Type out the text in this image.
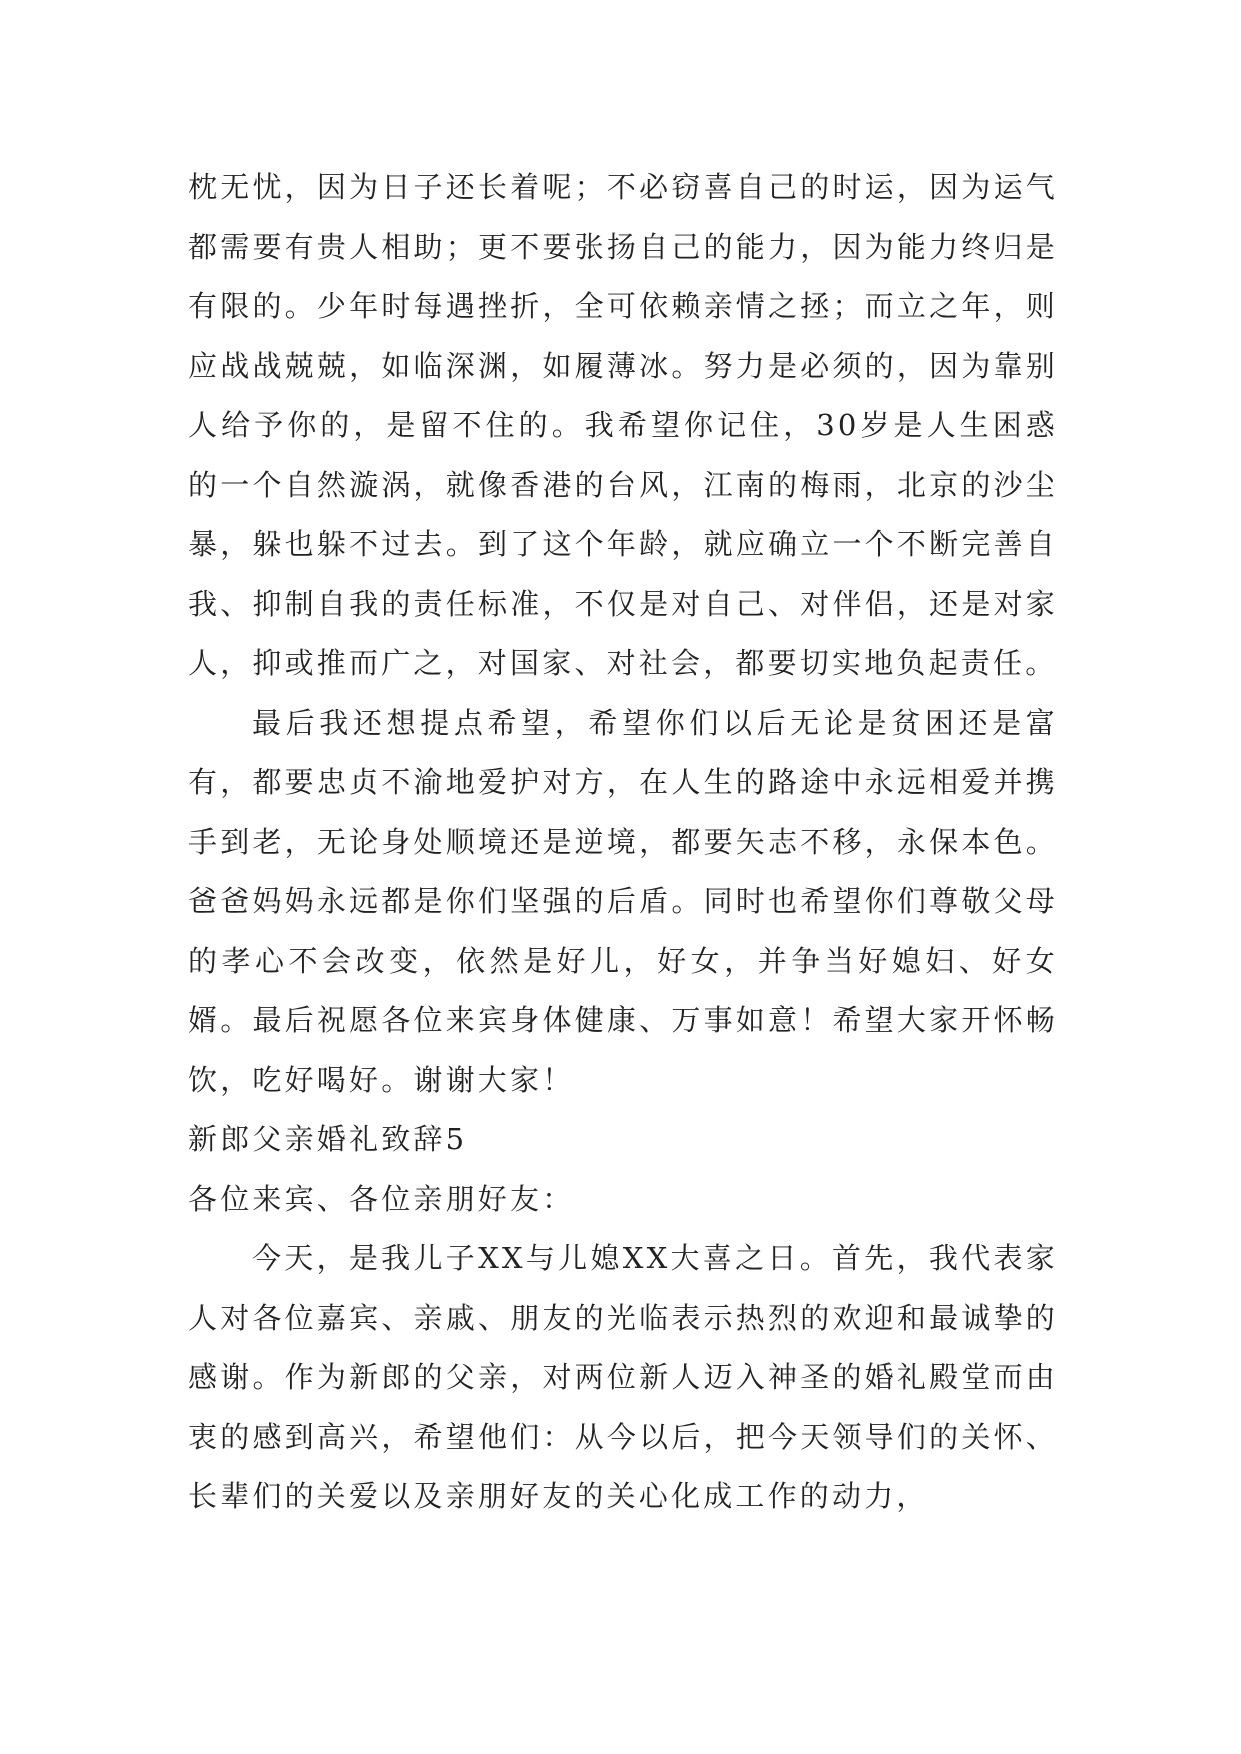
枕无忧，因为日子还长着呢；不必窃喜自己的时运，因为运气都需要有贵人相助；更不要张扬自己的能力，因为能力终归是有限的。少年时每遇挫折，全可依赖亲情之拯；而立之年，则应战战兢兢，如临深渊，如履薄冰。努力是必须的，因为靠别人给予你的，是留不住的。我希望你记住，30岁是人生困惑的一个自然漩涡，就像香港的台风，江南的梅雨，北京的沙尘暴，躲也躲不过去。到了这个年龄，就应确立一个不断完善自我、抑制自我的责任标准，不仅是对自己、对伴侣，还是对家人，抑或推而广之，对国家、对社会，都要切实地负起责任。

最后我还想提点希望，希望你们以后无论是贫困还是富有，都要忠贞不渝地爱护对方，在人生的路途中永远相爱并携手到老，无论身处顺境还是逆境，都要矢志不移，永保本色。爸爸妈妈永远都是你们坚强的后盾。同时也希望你们尊敬父母的孝心不会改变，依然是好儿，好女，并争当好媳妇、好女婿。最后祝愿各位来宾身体健康、万事如意！希望大家开怀畅饮，吃好喝好。谢谢大家！

新郎父亲婚礼致辞5

各位来宾、各位亲朋好友：

今天，是我儿子XX与儿媳XX大喜之日。首先，我代表家人对各位嘉宾、亲戚、朋友的光临表示热烈的欢迎和最诚挚的感谢。作为新郎的父亲，对两位新人迈入神圣的婚礼殿堂而由衷的感到高兴，希望他们：从今以后，把今天领导们的关怀、长辈们的关爱以及亲朋好友的关心化成工作的动力，
